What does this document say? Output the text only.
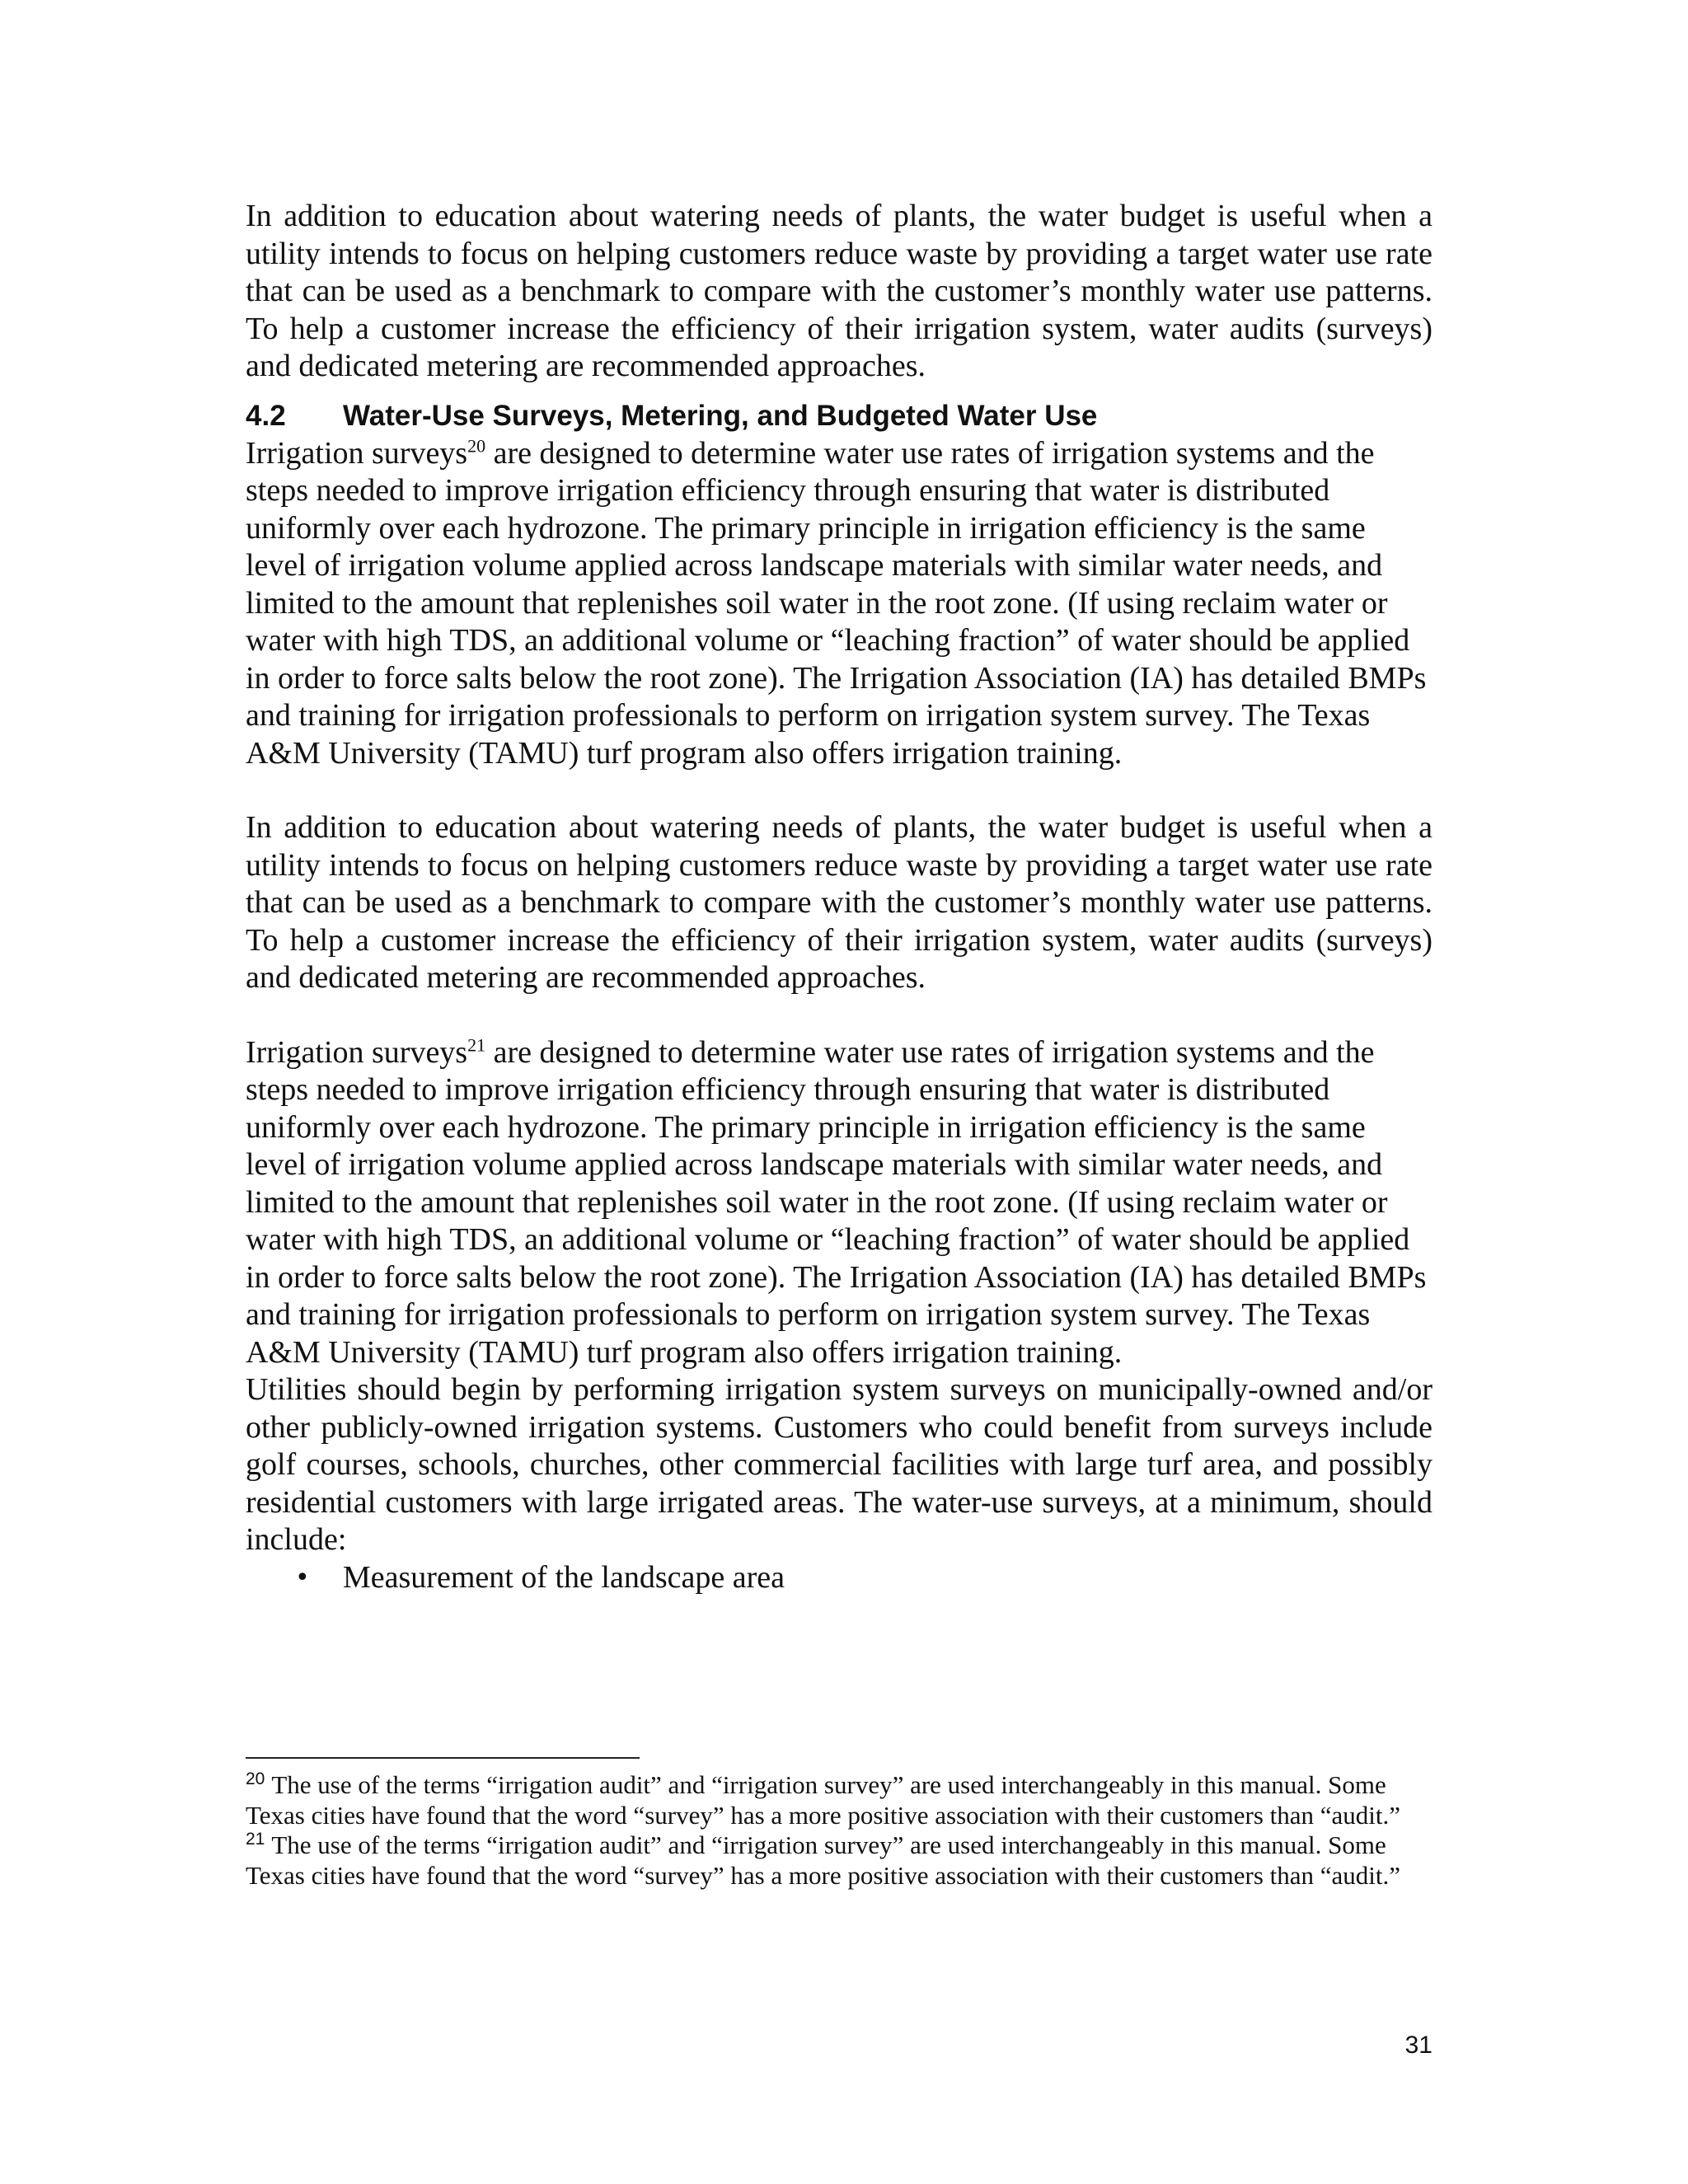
In addition to education about watering needs of plants, the water budget is useful when a utility intends to focus on helping customers reduce waste by providing a target water use rate that can be used as a benchmark to compare with the customer’s monthly water use patterns. To help a customer increase the efficiency of their irrigation system, water audits (surveys) and dedicated metering are recommended approaches.

4.2	Water-Use Surveys, Metering, and Budgeted Water Use

Irrigation surveys$^{20}$ are designed to determine water use rates of irrigation systems and the steps needed to improve irrigation efficiency through ensuring that water is distributed uniformly over each hydrozone. The primary principle in irrigation efficiency is the same level of irrigation volume applied across landscape materials with similar water needs, and limited to the amount that replenishes soil water in the root zone. (If using reclaim water or water with high TDS, an additional volume or “leaching fraction” of water should be applied in order to force salts below the root zone). The Irrigation Association (IA) has detailed BMPs and training for irrigation professionals to perform on irrigation system survey. The Texas A&M University (TAMU) turf program also offers irrigation training.

In addition to education about watering needs of plants, the water budget is useful when a utility intends to focus on helping customers reduce waste by providing a target water use rate that can be used as a benchmark to compare with the customer’s monthly water use patterns. To help a customer increase the efficiency of their irrigation system, water audits (surveys) and dedicated metering are recommended approaches.

Irrigation surveys$^{21}$ are designed to determine water use rates of irrigation systems and the steps needed to improve irrigation efficiency through ensuring that water is distributed uniformly over each hydrozone. The primary principle in irrigation efficiency is the same level of irrigation volume applied across landscape materials with similar water needs, and limited to the amount that replenishes soil water in the root zone. (If using reclaim water or water with high TDS, an additional volume or “leaching fraction” of water should be applied in order to force salts below the root zone). The Irrigation Association (IA) has detailed BMPs and training for irrigation professionals to perform on irrigation system survey. The Texas A&M University (TAMU) turf program also offers irrigation training.

Utilities should begin by performing irrigation system surveys on municipally-owned and/or other publicly-owned irrigation systems. Customers who could benefit from surveys include golf courses, schools, churches, other commercial facilities with large turf area, and possibly residential customers with large irrigated areas. The water-use surveys, at a minimum, should include:

•	Measurement of the landscape area

$^{20}$ The use of the terms “irrigation audit” and “irrigation survey” are used interchangeably in this manual. Some Texas cities have found that the word “survey” has a more positive association with their customers than “audit.”

$^{21}$ The use of the terms “irrigation audit” and “irrigation survey” are used interchangeably in this manual. Some Texas cities have found that the word “survey” has a more positive association with their customers than “audit.”

31
